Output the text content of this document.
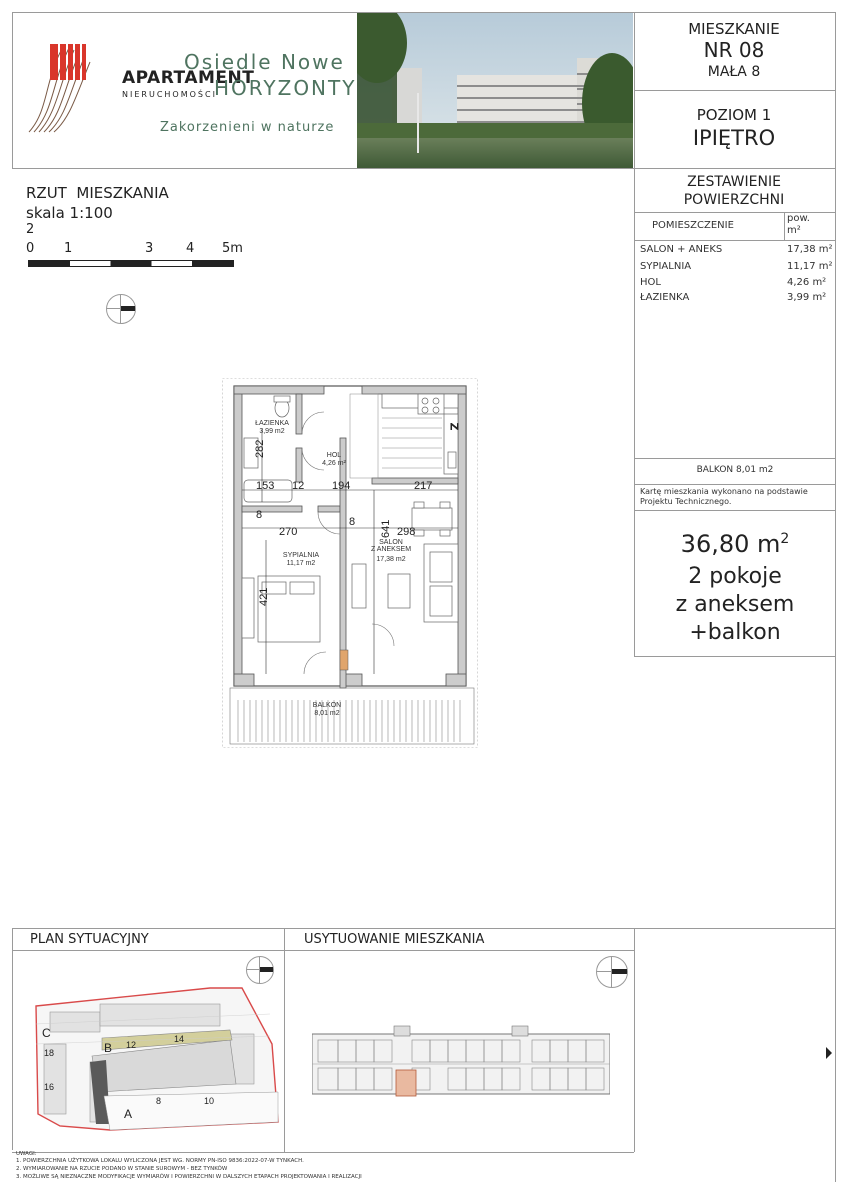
APARTAMENT
NIERUCHOMOŚCI
Osiedle Nowe
HORYZONTY
Zakorzenieni w naturze
MIESZKANIE
NR 08
MAŁA 8
POZIOM 1
IPIĘTRO
RZUT  MIESZKANIA
skala 1:100
2
0 1	3	4 5m
ŁAZIENKA
3,99 m2
HOL
4,26 m²
SYPIALNIA
11,17 m2
SALON
Z ANEKSEM
17,38 m2
BALKON
8,01 m2
282
153 12	194	217
8
270
8 641 298
421
Z
ZESTAWIENIE
POWIERZCHNI
POMIESZCZENIE
pow.
m²
SALON + ANEKS	17,38 m²
SYPIALNIA	11,17 m²
HOL	4,26 m²
ŁAZIENKA	3,99 m²
BALKON 8,01 m2
Kartę mieszkania wykonano na podstawie Projektu Technicznego.
36,80 $m^2$
2 pokoje
z aneksem
+balkon
PLAN SYTUACYJNY	USYTUOWANIE MIESZKANIA
C
18
16
B 12
14
A
8	10
UWAGI:
1. POWIERZCHNIA UŻYTKOWA LOKALU WYLICZONA JEST WG. NORMY PN-ISO 9836:2022-07-W TYNKACH.
2. WYMIAROWANIE NA RZUCIE PODANO W STANIE SUROWYM - BEZ TYNKÓW
3. MOŻLIWE SĄ NIEZNACZNE MODYFIKACJE WYMIARÓW I POWIERZCHNI W DALSZYCH ETAPACH PROJEKTOWANIA I REALIZACJI
